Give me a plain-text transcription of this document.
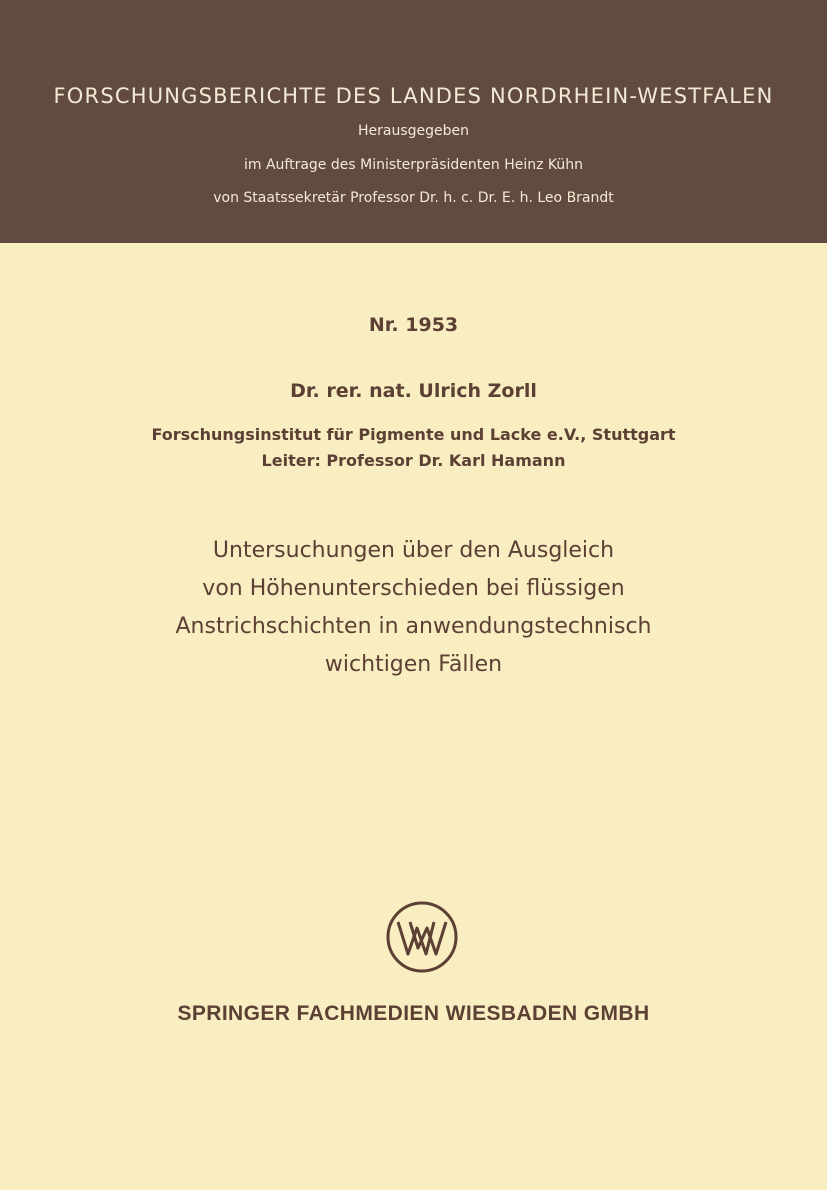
FORSCHUNGSBERICHTE DES LANDES NORDRHEIN-WESTFALEN
Herausgegeben
im Auftrage des Ministerpräsidenten Heinz Kühn
von Staatssekretär Professor Dr. h. c. Dr. E. h. Leo Brandt
Nr. 1953
Dr. rer. nat. Ulrich Zorll
Forschungsinstitut für Pigmente und Lacke e.V., Stuttgart
Leiter: Professor Dr. Karl Hamann
Untersuchungen über den Ausgleich
von Höhenunterschieden bei flüssigen
Anstrichschichten in anwendungstechnisch
wichtigen Fällen
SPRINGER FACHMEDIEN WIESBADEN GMBH
